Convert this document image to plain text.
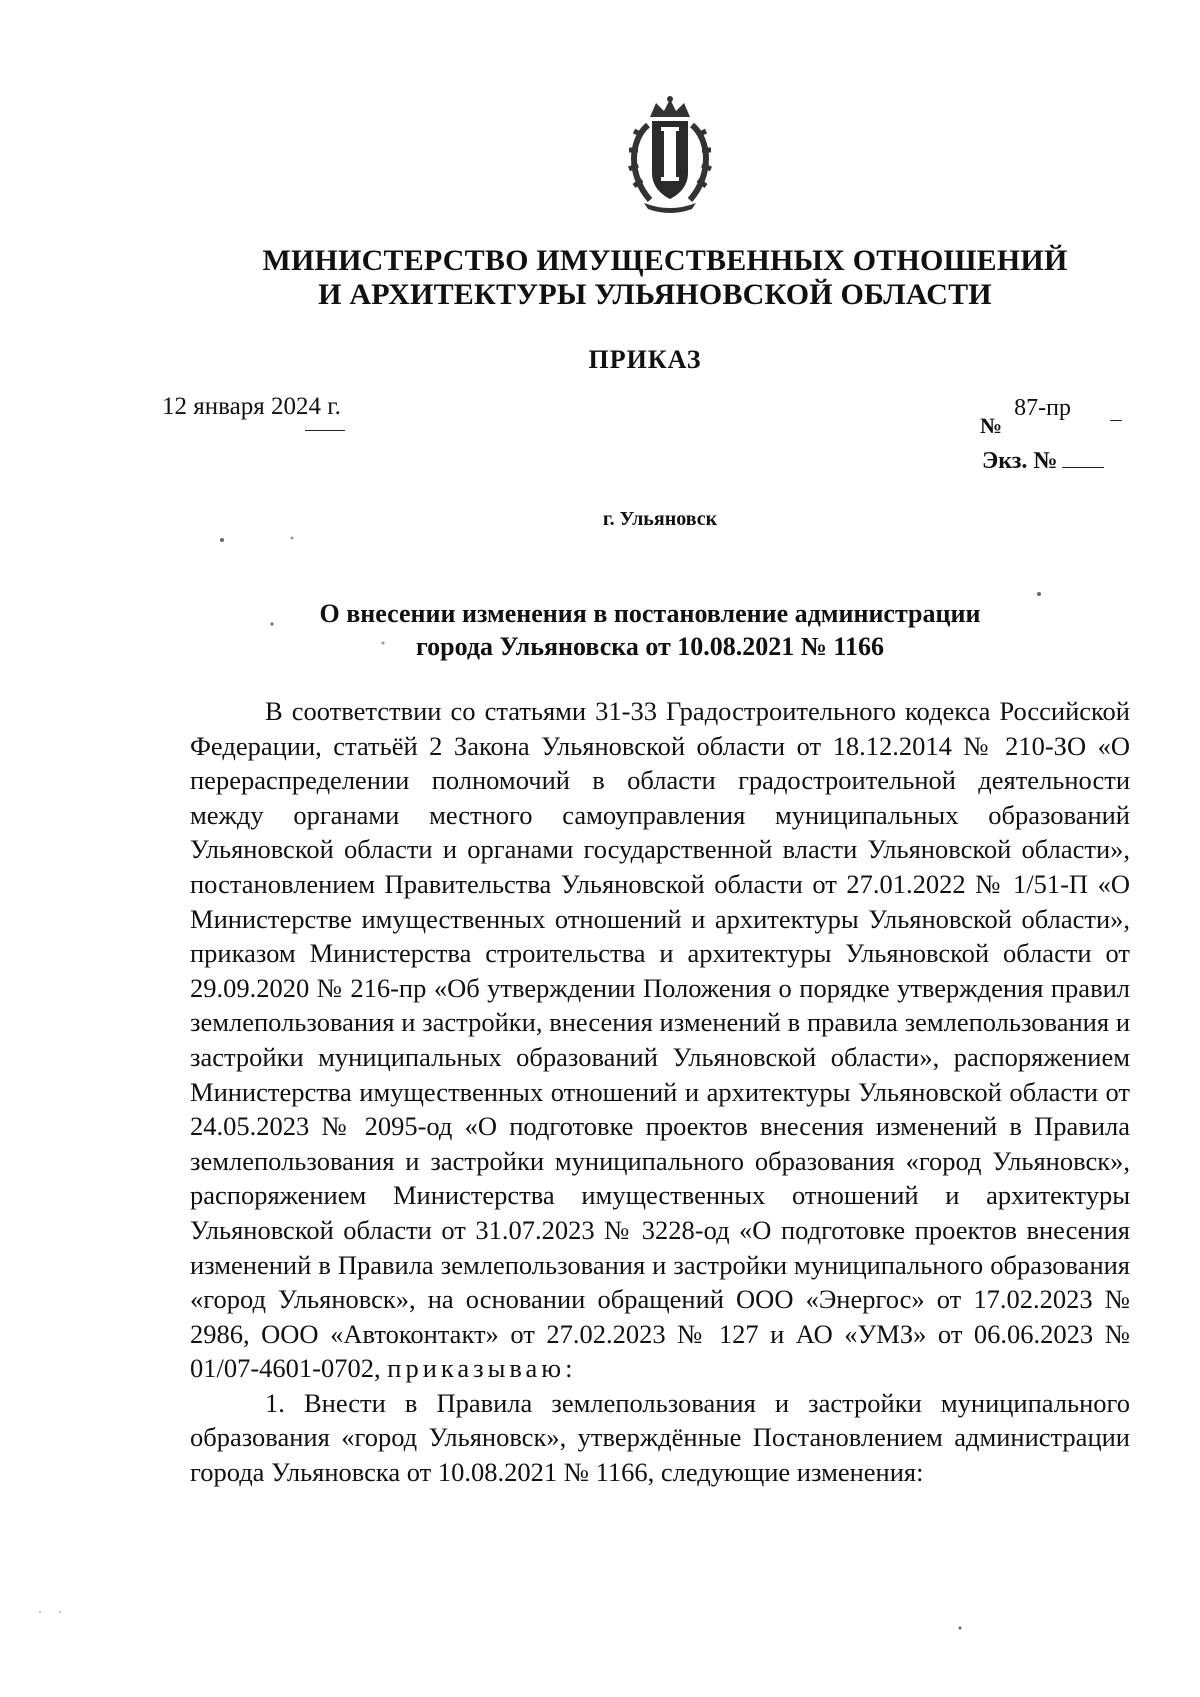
МИНИСТЕРСТВО ИМУЩЕСТВЕННЫХ ОТНОШЕНИЙ
И АРХИТЕКТУРЫ УЛЬЯНОВСКОЙ ОБЛАСТИ
ПРИКАЗ
12 января 2024 г.
№ 87-пр
Экз. №
г. Ульяновск
О внесении изменения в постановление администрации
города Ульяновска от 10.08.2021 № 1166

В соответствии со статьями 31-33 Градостроительного кодекса Российской Федерации, статьёй 2 Закона Ульяновской области от 18.12.2014 № 210-ЗО «О перераспределении полномочий в области градостроительной деятельности между органами местного самоуправления муниципальных образований Ульяновской области и органами государственной власти Ульяновской области», постановлением Правительства Ульяновской области от 27.01.2022 № 1/51-П «О Министерстве имущественных отношений и архитектуры Ульяновской области», приказом Министерства строительства и архитектуры Ульяновской области от 29.09.2020 № 216-пр «Об утверждении Положения о порядке утверждения правил землепользования и застройки, внесения изменений в правила землепользования и застройки муниципальных образований Ульяновской области», распоряжением Министерства имущественных отношений и архитектуры Ульяновской области от 24.05.2023 № 2095-од «О подготовке проектов внесения изменений в Правила землепользования и застройки муниципального образования «город Ульяновск», распоряжением Министерства имущественных отношений и архитектуры Ульяновской области от 31.07.2023 № 3228-од «О подготовке проектов внесения изменений в Правила землепользования и застройки муниципального образования «город Ульяновск», на основании обращений ООО «Энергос» от 17.02.2023 № 2986, ООО «Автоконтакт» от 27.02.2023 № 127 и АО «УМЗ» от 06.06.2023 № 01/07-4601-0702, приказываю:

1. Внести в Правила землепользования и застройки муниципального образования «город Ульяновск», утверждённые Постановлением администрации города Ульяновска от 10.08.2021 № 1166, следующие изменения:
